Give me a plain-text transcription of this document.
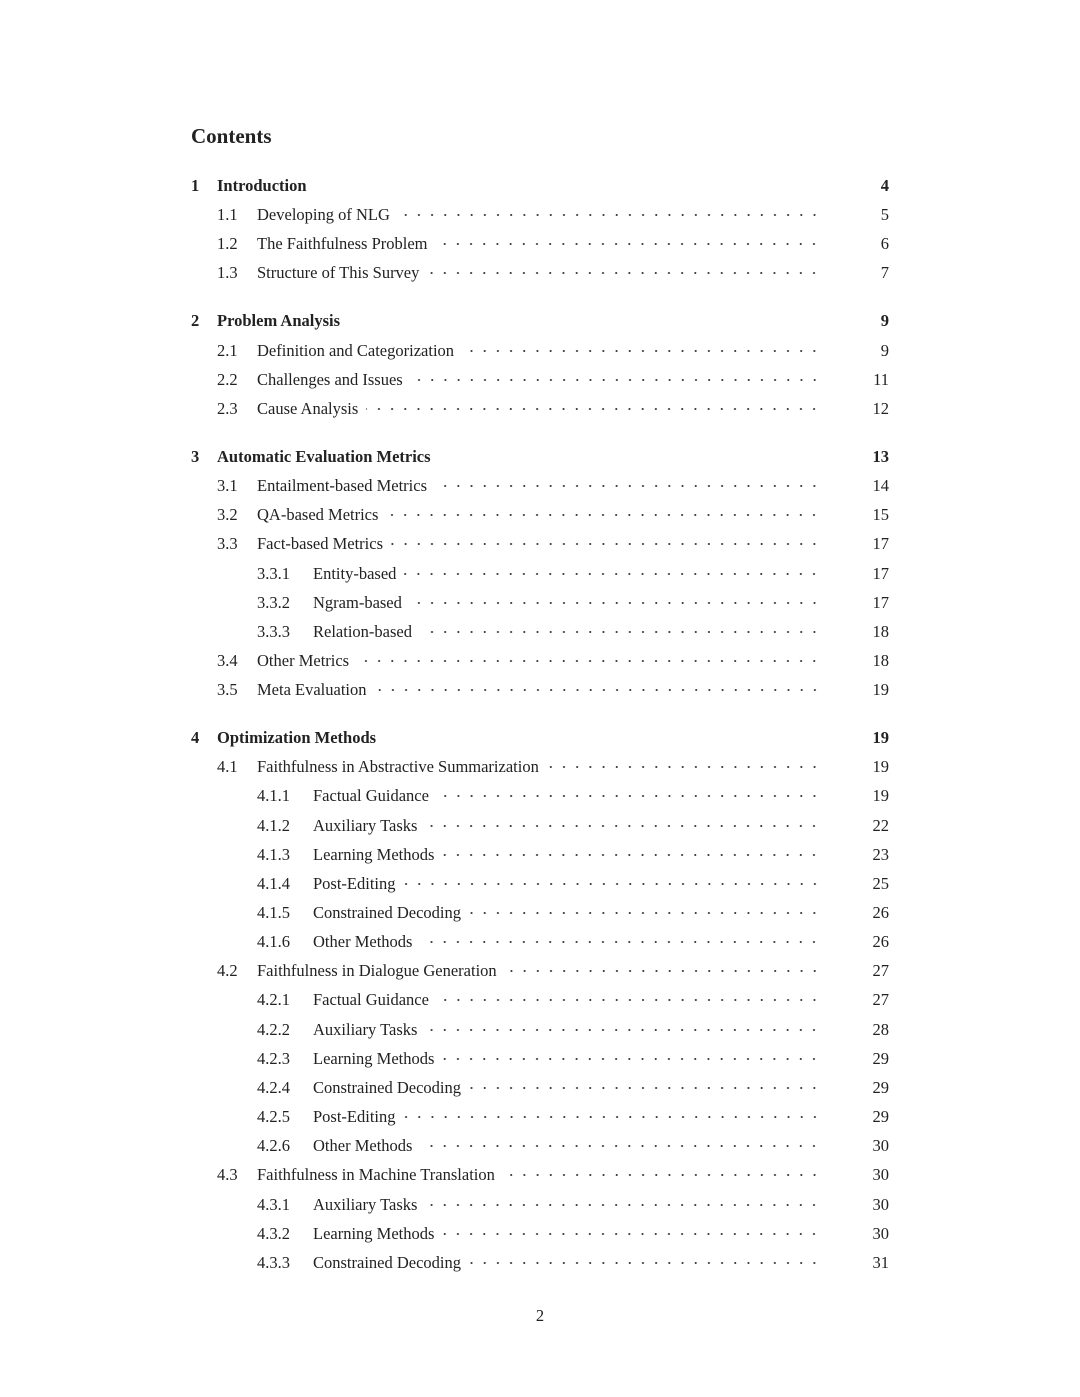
Contents
1 Introduction	4
1.1 Developing of NLG	5
1.2 The Faithfulness Problem	6
1.3 Structure of This Survey	7
2 Problem Analysis	9
2.1 Definition and Categorization	9
2.2 Challenges and Issues	11
2.3 Cause Analysis	12
3 Automatic Evaluation Metrics	13
3.1 Entailment-based Metrics	14
3.2 QA-based Metrics	15
3.3 Fact-based Metrics	17
3.3.1 Entity-based	17
3.3.2 Ngram-based	17
3.3.3 Relation-based	18
3.4 Other Metrics	18
3.5 Meta Evaluation	19
4 Optimization Methods	19
4.1 Faithfulness in Abstractive Summarization	19
4.1.1 Factual Guidance	19
4.1.2 Auxiliary Tasks	22
4.1.3 Learning Methods	23
4.1.4 Post-Editing	25
4.1.5 Constrained Decoding	26
4.1.6 Other Methods	26
4.2 Faithfulness in Dialogue Generation	27
4.2.1 Factual Guidance	27
4.2.2 Auxiliary Tasks	28
4.2.3 Learning Methods	29
4.2.4 Constrained Decoding	29
4.2.5 Post-Editing	29
4.2.6 Other Methods	30
4.3 Faithfulness in Machine Translation	30
4.3.1 Auxiliary Tasks	30
4.3.2 Learning Methods	30
4.3.3 Constrained Decoding	31
2
